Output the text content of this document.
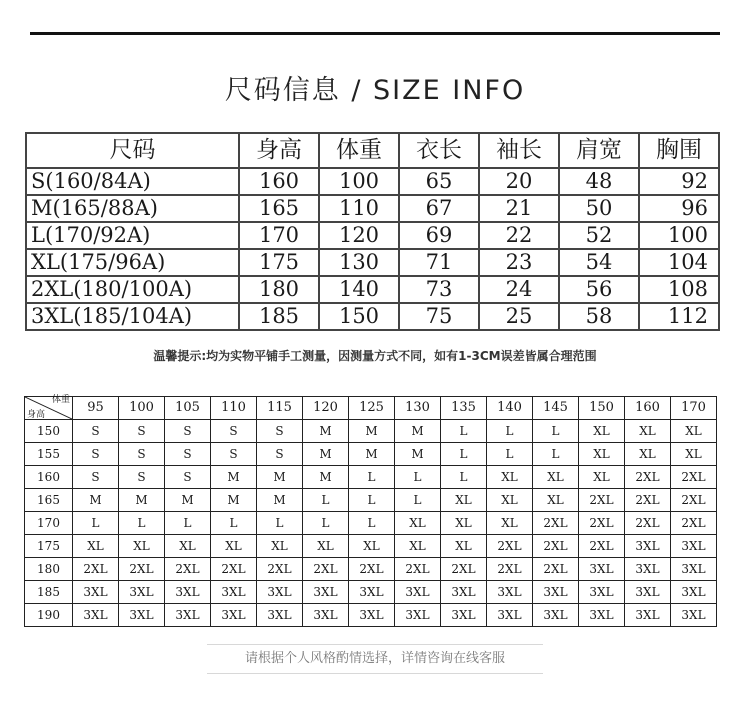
尺码信息 / SIZE INFO
尺码	身高	体重	衣长	袖长	肩宽	胸围
S(160/84A)	160	100	65	20	48	92
M(165/88A)	165	110	67	21	50	96
L(170/92A)	170	120	69	22	52	100
XL(175/96A)	175	130	71	23	54	104
2XL(180/100A)	180	140	73	24	56	108
3XL(185/104A)	185	150	75	25	58	112
温馨提示:均为实物平铺手工测量，因测量方式不同，如有1-3CM误差皆属合理范围
体重
身高	95	100	105	110	115	120	125	130	135	140	145	150	160	170
150	S	S	S	S	S	M	M	M	L	L	L	XL	XL	XL
155	S	S	S	S	S	M	M	M	L	L	L	XL	XL	XL
160	S	S	S	M	M	M	L	L	L	XL	XL	XL	2XL	2XL
165	M	M	M	M	M	L	L	L	XL	XL	XL	2XL	2XL	2XL
170	L	L	L	L	L	L	L	XL	XL	XL	2XL	2XL	2XL	2XL
175	XL	XL	XL	XL	XL	XL	XL	XL	XL	2XL	2XL	2XL	3XL	3XL
180	2XL	2XL	2XL	2XL	2XL	2XL	2XL	2XL	2XL	2XL	2XL	3XL	3XL	3XL
185	3XL	3XL	3XL	3XL	3XL	3XL	3XL	3XL	3XL	3XL	3XL	3XL	3XL	3XL
190	3XL	3XL	3XL	3XL	3XL	3XL	3XL	3XL	3XL	3XL	3XL	3XL	3XL	3XL
请根据个人风格酌情选择，详情咨询在线客服
